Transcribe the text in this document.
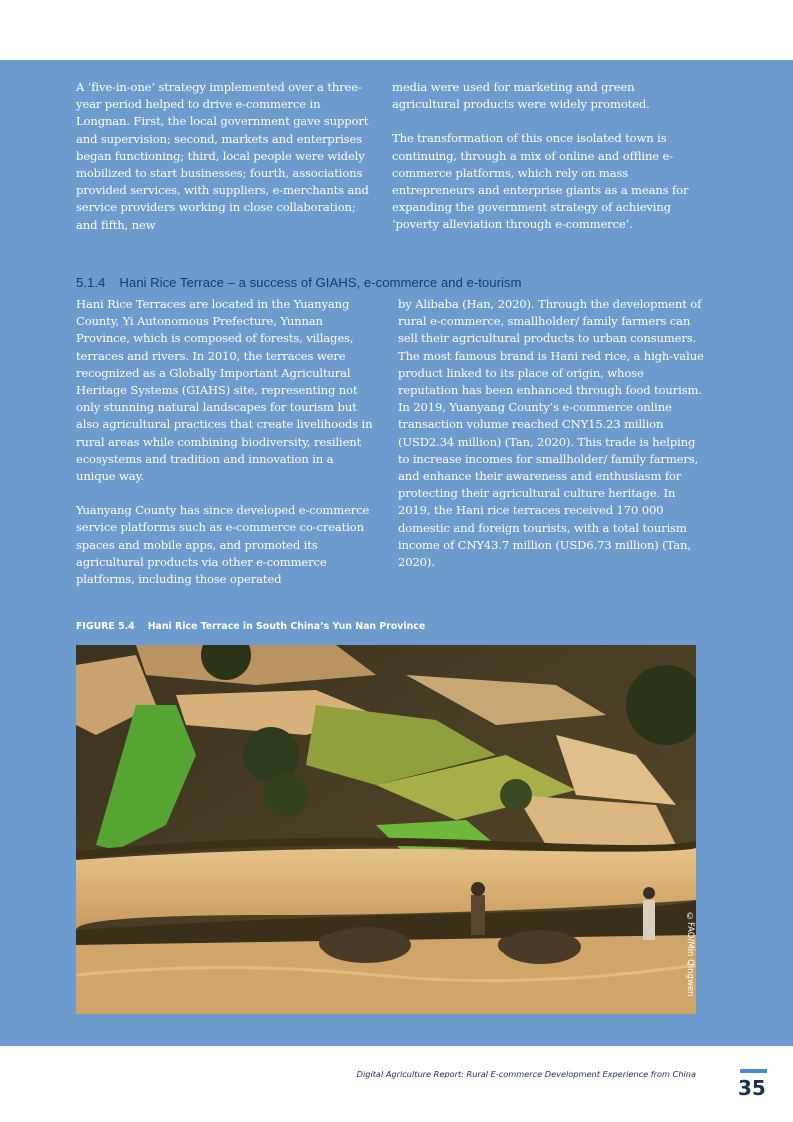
A ‘five-in-one’ strategy implemented over a three-year period helped to drive e-commerce in Longnan. First, the local government gave support and supervision; second, markets and enterprises began functioning; third, local people were widely mobilized to start businesses; fourth, associations provided services, with suppliers, e-merchants and service providers working in close collaboration; and fifth, new

media were used for marketing and green agricultural products were widely promoted.

The transformation of this once isolated town is continuing, through a mix of online and offline e-commerce platforms, which rely on mass entrepreneurs and enterprise giants as a means for expanding the government strategy of achieving ‘poverty alleviation through e-commerce’.

5.1.4 Hani Rice Terrace – a success of GIAHS, e-commerce and e-tourism

Hani Rice Terraces are located in the Yuanyang County, Yi Autonomous Prefecture, Yunnan Province, which is composed of forests, villages, terraces and rivers. In 2010, the terraces were recognized as a Globally Important Agricultural Heritage Systems (GIAHS) site, representing not only stunning natural landscapes for tourism but also agricultural practices that create livelihoods in rural areas while combining biodiversity, resilient ecosystems and tradition and innovation in a unique way.

Yuanyang County has since developed e-commerce service platforms such as e-commerce co-creation spaces and mobile apps, and promoted its agricultural products via other e-commerce platforms, including those operated

by Alibaba (Han, 2020). Through the development of rural e-commerce, smallholder/ family farmers can sell their agricultural products to urban consumers. The most famous brand is Hani red rice, a high-value product linked to its place of origin, whose reputation has been enhanced through food tourism. In 2019, Yuanyang County’s e-commerce online transaction volume reached CNY15.23 million (USD2.34 million) (Tan, 2020). This trade is helping to increase incomes for smallholder/ family farmers, and enhance their awareness and enthusiasm for protecting their agricultural culture heritage. In 2019, the Hani rice terraces received 170 000 domestic and foreign tourists, with a total tourism income of CNY43.7 million (USD6.73 million) (Tan, 2020).

FIGURE 5.4 Hani Rice Terrace in South China’s Yun Nan Province
©FAO/Min Qingwen
Digital Agriculture Report: Rural E-commerce Development Experience from China
35
